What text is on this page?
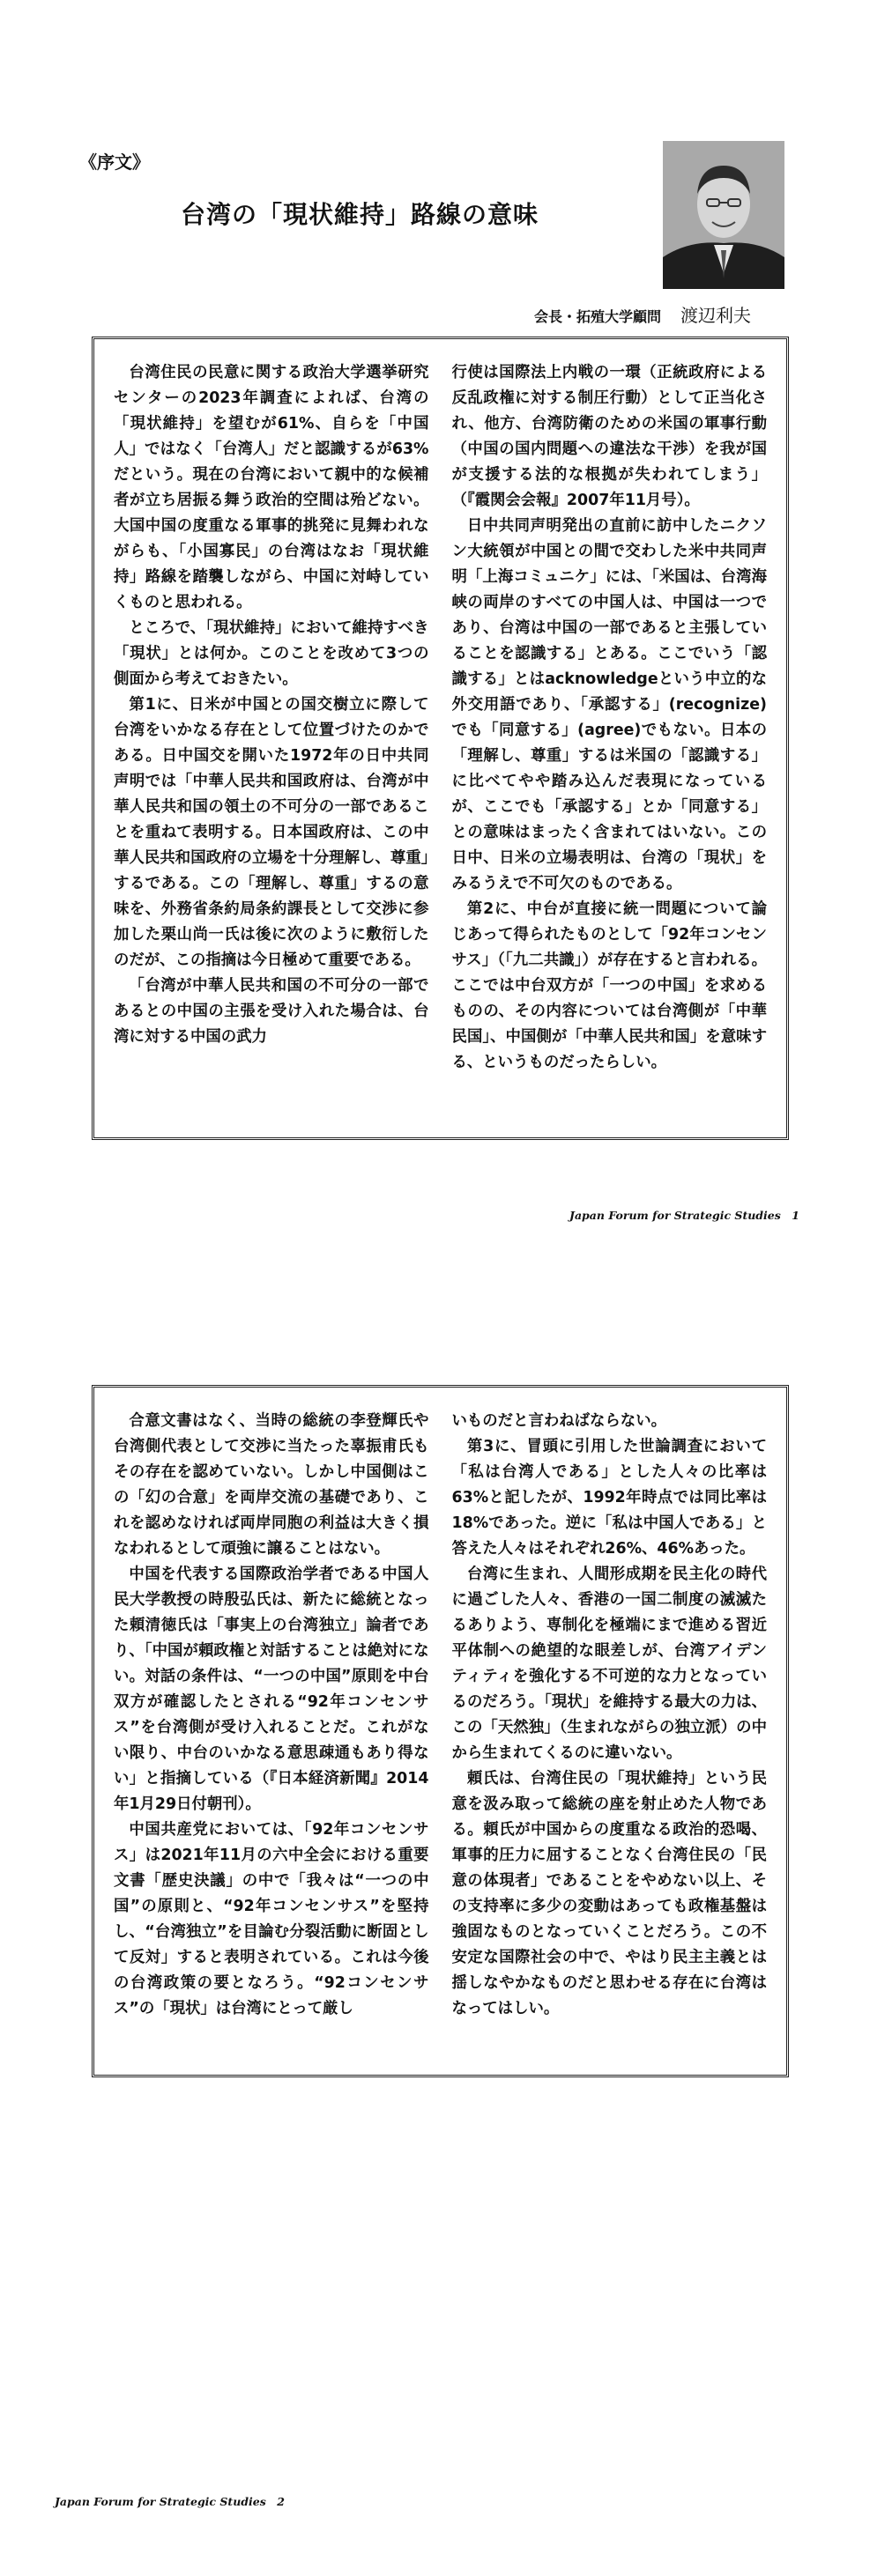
《序文》
台湾の「現状維持」路線の意味
会長・拓殖大学顧問 渡辺利夫

台湾住民の民意に関する政治大学選挙研究センターの2023年調査によれば、台湾の「現状維持」を望むが61%、自らを「中国人」ではなく「台湾人」だと認識するが63%だという。現在の台湾において親中的な候補者が立ち居振る舞う政治的空間は殆どない。大国中国の度重なる軍事的挑発に見舞われながらも、「小国寡民」の台湾はなお「現状維持」路線を踏襲しながら、中国に対峙していくものと思われる。

ところで、「現状維持」において維持すべき「現状」とは何か。このことを改めて3つの側面から考えておきたい。

第1に、日米が中国との国交樹立に際して台湾をいかなる存在として位置づけたのかである。日中国交を開いた1972年の日中共同声明では「中華人民共和国政府は、台湾が中華人民共和国の領土の不可分の一部であることを重ねて表明する。日本国政府は、この中華人民共和国政府の立場を十分理解し、尊重」するである。この「理解し、尊重」するの意味を、外務省条約局条約課長として交渉に参加した栗山尚一氏は後に次のように敷衍したのだが、この指摘は今日極めて重要である。

「台湾が中華人民共和国の不可分の一部であるとの中国の主張を受け入れた場合は、台湾に対する中国の武力

行使は国際法上内戦の一環（正統政府による反乱政権に対する制圧行動）として正当化され、他方、台湾防衛のための米国の軍事行動（中国の国内問題への違法な干渉）を我が国が支援する法的な根拠が失われてしまう」（『霞関会会報』2007年11月号）。

日中共同声明発出の直前に訪中したニクソン大統領が中国との間で交わした米中共同声明「上海コミュニケ」には、「米国は、台湾海峡の両岸のすべての中国人は、中国は一つであり、台湾は中国の一部であると主張していることを認識する」とある。ここでいう「認識する」とはacknowledgeという中立的な外交用語であり、「承認する」(recognize)でも「同意する」(agree)でもない。日本の「理解し、尊重」するは米国の「認識する」に比べてやや踏み込んだ表現になっているが、ここでも「承認する」とか「同意する」との意味はまったく含まれてはいない。この日中、日米の立場表明は、台湾の「現状」をみるうえで不可欠のものである。

第2に、中台が直接に統一問題について論じあって得られたものとして「92年コンセンサス」（「九二共識」）が存在すると言われる。ここでは中台双方が「一つの中国」を求めるものの、その内容については台湾側が「中華民国」、中国側が「中華人民共和国」を意味する、というものだったらしい。

Japan Forum for Strategic Studies　1

合意文書はなく、当時の総統の李登輝氏や台湾側代表として交渉に当たった辜振甫氏もその存在を認めていない。しかし中国側はこの「幻の合意」を両岸交流の基礎であり、これを認めなければ両岸同胞の利益は大きく損なわれるとして頑強に譲ることはない。

中国を代表する国際政治学者である中国人民大学教授の時殷弘氏は、新たに総統となった頼清徳氏は「事実上の台湾独立」論者であり、「中国が頼政権と対話することは絶対にない。対話の条件は、“一つの中国”原則を中台双方が確認したとされる“92年コンセンサス”を台湾側が受け入れることだ。これがない限り、中台のいかなる意思疎通もあり得ない」と指摘している（『日本経済新聞』2014年1月29日付朝刊）。

中国共産党においては、「92年コンセンサス」は2021年11月の六中全会における重要文書「歴史決議」の中で「我々は“一つの中国”の原則と、“92年コンセンサス”を堅持し、“台湾独立”を目論む分裂活動に断固として反対」すると表明されている。これは今後の台湾政策の要となろう。“92コンセンサス”の「現状」は台湾にとって厳し

いものだと言わねばならない。

第3に、冒頭に引用した世論調査において「私は台湾人である」とした人々の比率は63%と記したが、1992年時点では同比率は18%であった。逆に「私は中国人である」と答えた人々はそれぞれ26%、46%あった。

台湾に生まれ、人間形成期を民主化の時代に過ごした人々、香港の一国二制度の滅滅たるありよう、専制化を極端にまで進める習近平体制への絶望的な眼差しが、台湾アイデンティティを強化する不可逆的な力となっているのだろう。「現状」を維持する最大の力は、この「天然独」（生まれながらの独立派）の中から生まれてくるのに違いない。

頼氏は、台湾住民の「現状維持」という民意を汲み取って総統の座を射止めた人物である。頼氏が中国からの度重なる政治的恐喝、軍事的圧力に屈することなく台湾住民の「民意の体現者」であることをやめない以上、その支持率に多少の変動はあっても政権基盤は強固なものとなっていくことだろう。この不安定な国際社会の中で、やはり民主主義とは揺しなやかなものだと思わせる存在に台湾はなってはしい。

Japan Forum for Strategic Studies　2
